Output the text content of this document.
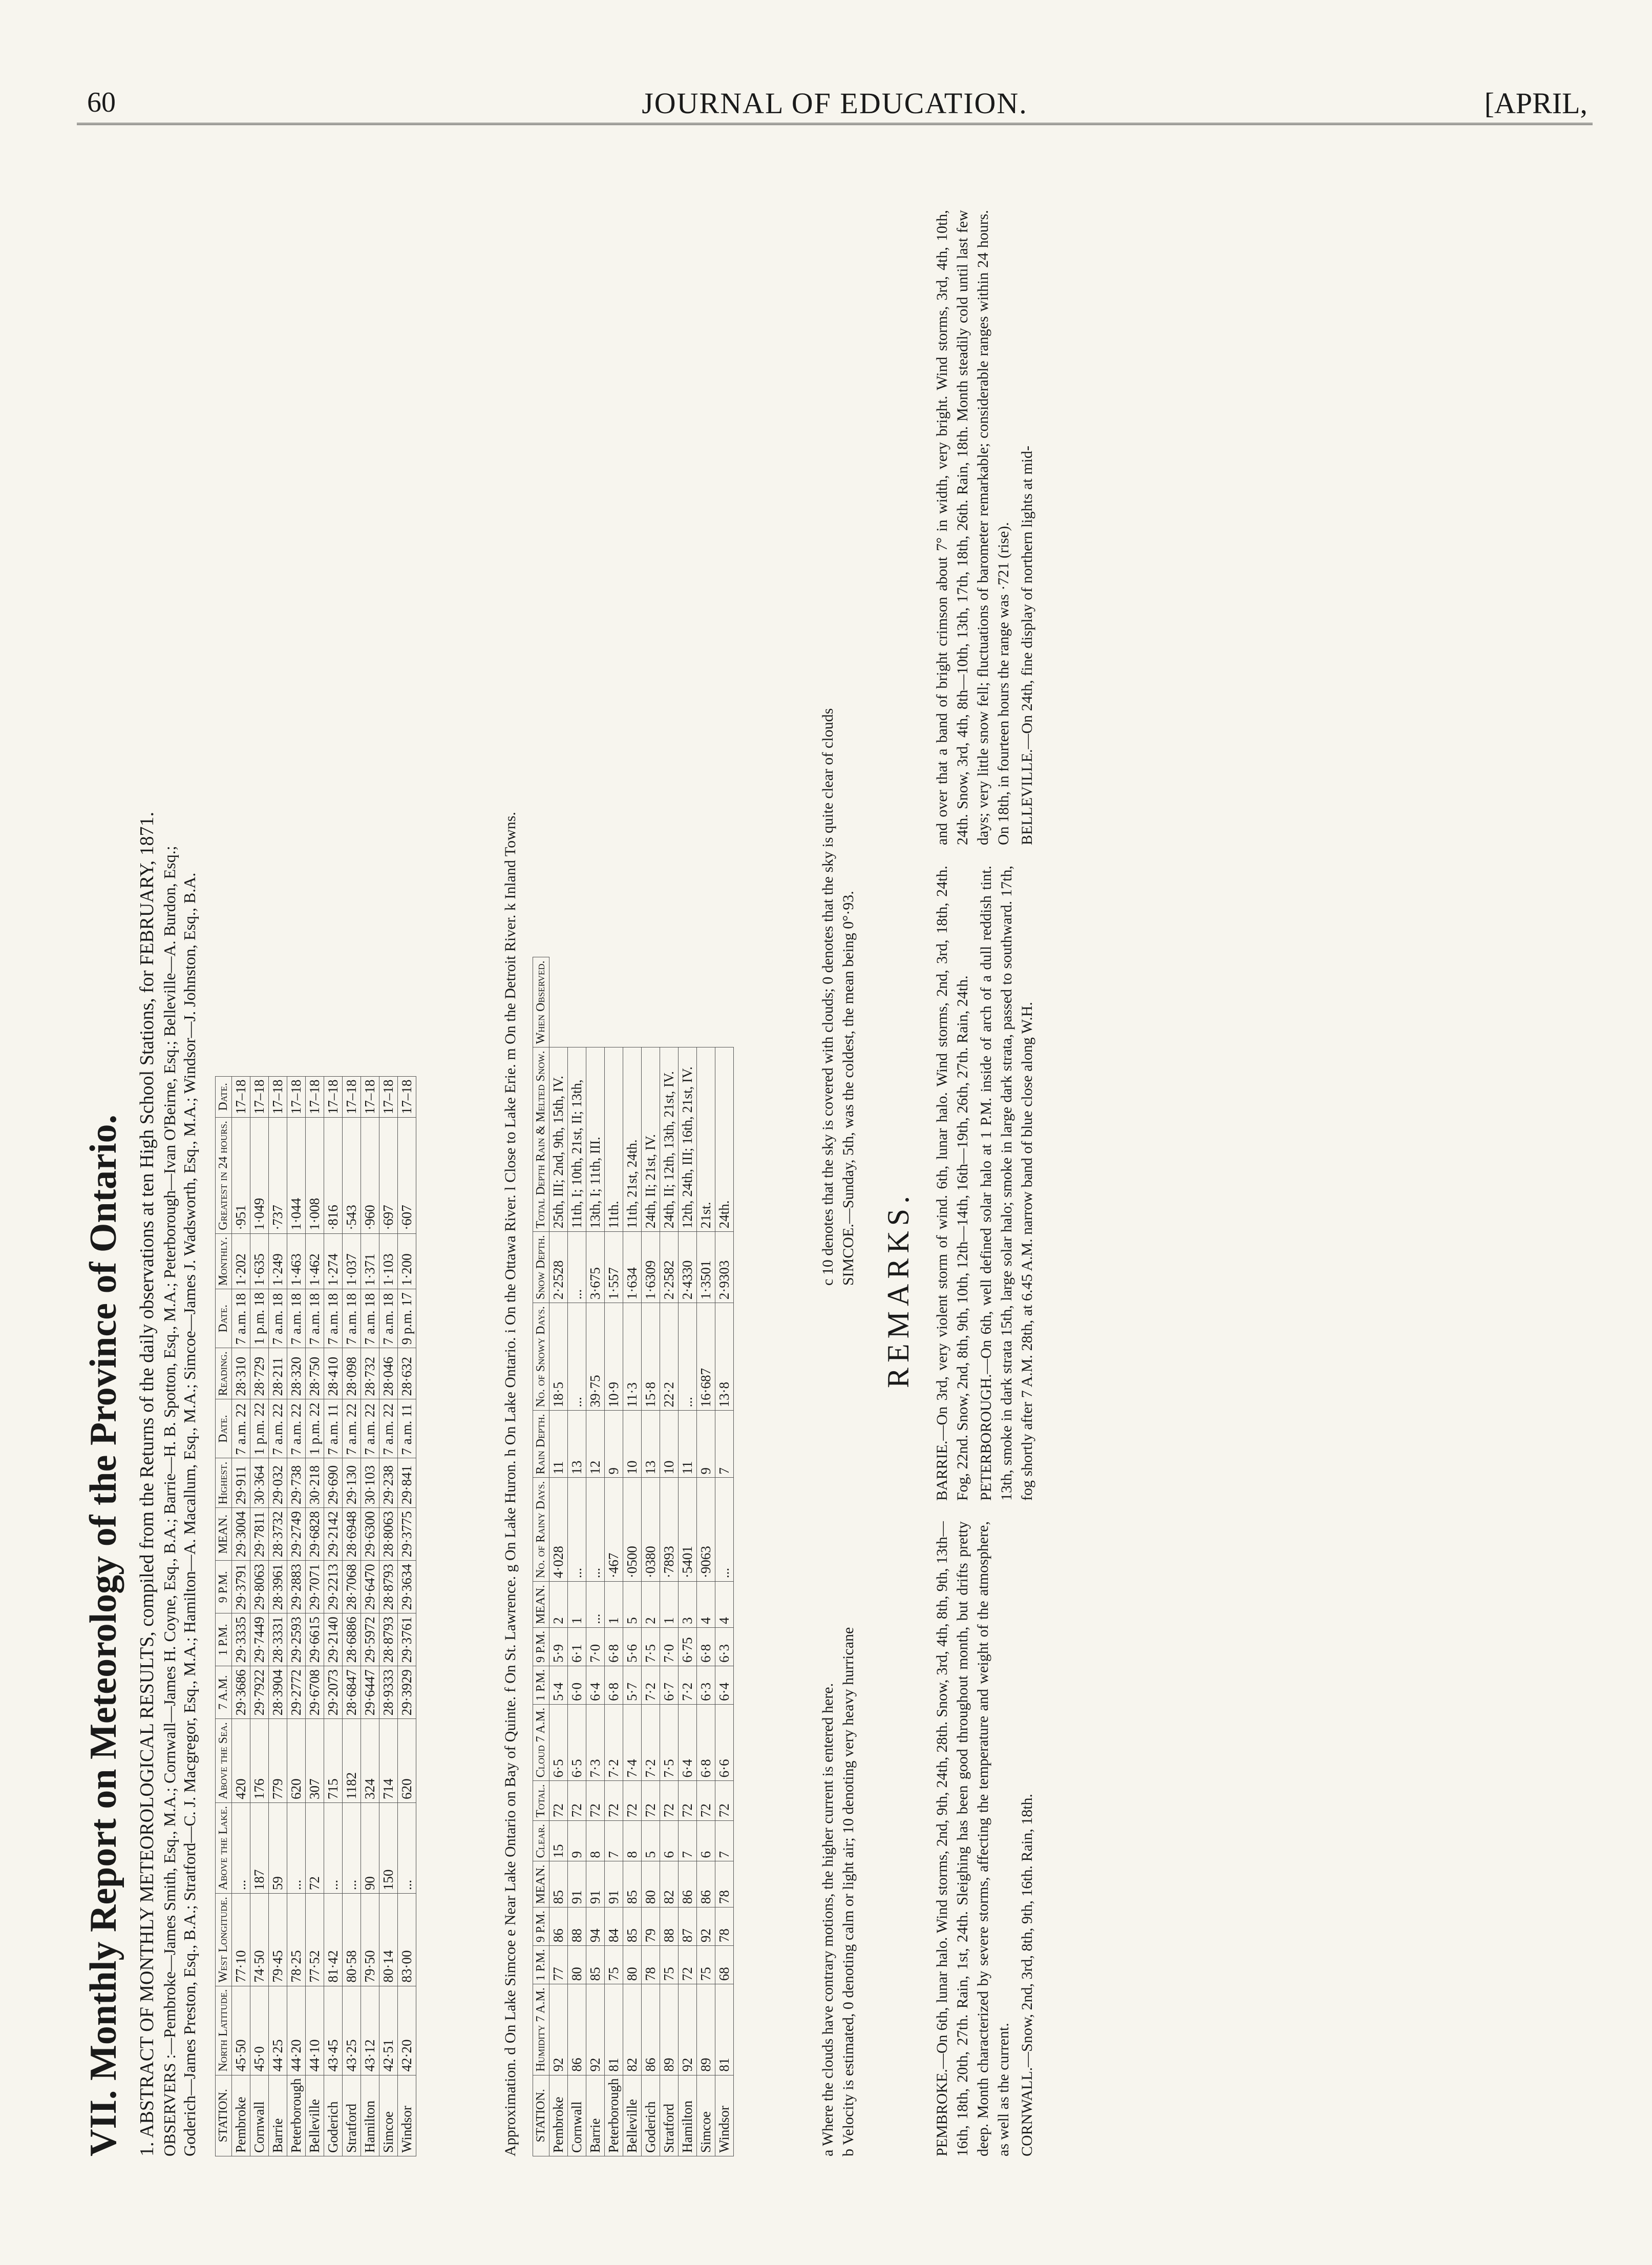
60	JOURNAL OF EDUCATION.	[APRIL,
VII. Monthly Report on Meteorology of the Province of Ontario. 1. ABSTRACT OF MONTHLY METEOROLOGICAL RESULTS, compiled from the Returns of the daily observations at ten High School Stations, for FEBRUARY, 1871. OBSERVERS :—Pembroke—James Smith, Esq., M.A.; Cornwall—James H. Coyne, Esq., B.A.; Barrie—H. B. Spotton, Esq., M.A.; Peterborough—Ivan O'Beirne, Esq.; Belleville—A. Burdon, Esq.; Goderich—James Preston, Esq., B.A.; Stratford—C. J. Macgregor, Esq., M.A.; Hamilton—A. Macallum, Esq., M.A.; Simcoe—James J. Wadsworth, Esq., M.A.; Windsor—J. Johnston, Esq., B.A. STATION.	North Latitude.	West Longitude.	Above the Lake.	Above the Sea.	7 A.M.	1 P.M.	9 P.M.	MEAN.	Highest.	Date.	Reading.	Date.	Monthly.	Greatest in 24 hours.	Date.
Pembroke	45·50	77·10	...	420	29·3686	29·3335	29·3791	29·3004	29·911	7 a.m. 22	28·310	7 a.m. 18	1·202	·951	17–18
Cornwall	45·0	74·50	187	176	29·7922	29·7449	29·8063	29·7811	30·364	1 p.m. 22	28·729	1 p.m. 18	1·635	1·049	17–18
Barrie	44·25	79·45	59	779	28·3904	28·3331	28·3961	28·3732	29·032	7 a.m. 22	28·211	7 a.m. 18	1·249	·737	17–18
Peterborough	44·20	78·25	...	620	29·2772	29·2593	29·2883	29·2749	29·738	7 a.m. 22	28·320	7 a.m. 18	1·463	1·044	17–18
Belleville	44·10	77·52	72	307	29·6708	29·6615	29·7071	29·6828	30·218	1 p.m. 22	28·750	7 a.m. 18	1·462	1·008	17–18
Goderich	43·45	81·42	...	715	29·2073	29·2140	29·2213	29·2142	29·690	7 a.m. 11	28·410	7 a.m. 18	1·274	·816	17–18
Stratford	43·25	80·58	...	1182	28·6847	28·6886	28·7068	28·6948	29·130	7 a.m. 22	28·098	7 a.m. 18	1·037	·543	17–18
Hamilton	43·12	79·50	90	324	29·6447	29·5972	29·6470	29·6300	30·103	7 a.m. 22	28·732	7 a.m. 18	1·371	·960	17–18
Simcoe	42·51	80·14	150	714	28·9333	28·8793	28·8793	28·8063	29·238	7 a.m. 22	28·046	7 a.m. 18	1·103	·697	17–18
Windsor	42·20	83·00	...	620	29·3929	29·3761	29·3634	29·3775	29·841	7 a.m. 11	28·632	9 p.m. 17	1·200	·607	17–18	Approximation. d On Lake Simcoe e Near Lake Ontario on Bay of Quinte. f On St. Lawrence. g On Lake Huron. h On Lake Ontario. i On the Ottawa River. l Close to Lake Erie. m On the Detroit River. k Inland Towns. STATION.	Humidity 7 A.M.	1 P.M.	9 P.M.	MEAN.	Clear.	Total.	Cloud 7 A.M.	1 P.M.	9 P.M.	MEAN.	No. of Rainy Days.	Rain Depth.	No. of Snowy Days.	Snow Depth.	Total Depth Rain & Melted Snow.	When Observed.
Pembroke	92	77	86	85	15	72	6·5	5·4	5·9	2	4·028	11	18·5	2·2528	25th, III; 2nd, 9th, 15th, IV.	
Cornwall	86	80	88	91	9	72	6·5	6·0	6·1	1	...	13	...	...	11th, I; 10th, 21st, II; 13th,	
Barrie	92	85	94	91	8	72	7·3	6·4	7·0	...	...	12	39·75	3·675	13th, I; 11th, III.	
Peterborough	81	75	84	91	7	72	7·2	6·8	6·8	1	·467	9	10·9	1·557	11th.	
Belleville	82	80	85	85	8	72	7·4	5·7	5·6	5	·0500	10	11·3	1·634	11th, 21st, 24th.	
Goderich	86	78	79	80	5	72	7·2	7·2	7·5	2	·0380	13	15·8	1·6309	24th, II; 21st, IV.	
Stratford	89	75	88	82	6	72	7·5	6·7	7·0	1	·7893	10	22·2	2·2582	24th, II; 12th, 13th, 21st, IV.	
Hamilton	92	72	87	86	7	72	6·4	7·2	6·75	3	·5401	11	...	2·4330	12th, 24th, III; 16th, 21st, IV.	
Simcoe	89	75	92	86	6	72	6·8	6·3	6·8	4	·9063	9	16·687	1·3501	21st.	
Windsor	81	68	78	78	7	72	6·6	6·4	6·3	4	...	7	13·8	2·9303	24th.	
a Where the clouds have contrary motions, the higher current is entered here. b Velocity is estimated, 0 denoting calm or light air; 10 denoting very heavy hurricane
c 10 denotes that the sky is covered with clouds; 0 denotes that the sky is quite clear of clouds SIMCOE.—Sunday, 5th, was the coldest, the mean being 0°·93.
REMARKS.

PEMBROKE.—On 6th, lunar halo. Wind storms, 2nd, 9th, 24th, 28th. Snow, 3rd, 4th, 8th, 9th, 13th—16th, 18th, 20th, 27th. Rain, 1st, 24th. Sleighing has been good throughout month, but drifts pretty deep. Month characterized by severe storms, affecting the temperature and weight of the atmosphere, as well as the current. CORNWALL.—Snow, 2nd, 3rd, 8th, 9th, 16th. Rain, 18th.

BARRIE.—On 3rd, very violent storm of wind. 6th, lunar halo. Wind storms, 2nd, 3rd, 18th, 24th. Fog, 22nd. Snow, 2nd, 8th, 9th, 10th, 12th—14th, 16th—19th, 26th, 27th. Rain, 24th. PETERBOROUGH.—On 6th, well defined solar halo at 1 P.M. inside of arch of a dull reddish tint. 13th, smoke in dark strata 15th, large solar halo; smoke in large dark strata, passed to southward. 17th, fog shortly after 7 A.M. 28th, at 6.45 A.M. narrow band of blue close along W.H.

and over that a band of bright crimson about 7° in width, very bright. Wind storms, 3rd, 4th, 10th, 24th. Snow, 3rd, 4th, 8th—10th, 13th, 17th, 18th, 26th. Rain, 18th. Month steadily cold until last few days; very little snow fell; fluctuations of barometer remarkable; considerable ranges within 24 hours. On 18th, in fourteen hours the range was ·721 (rise). BELLEVILLE.—On 24th, fine display of northern lights at mid-
